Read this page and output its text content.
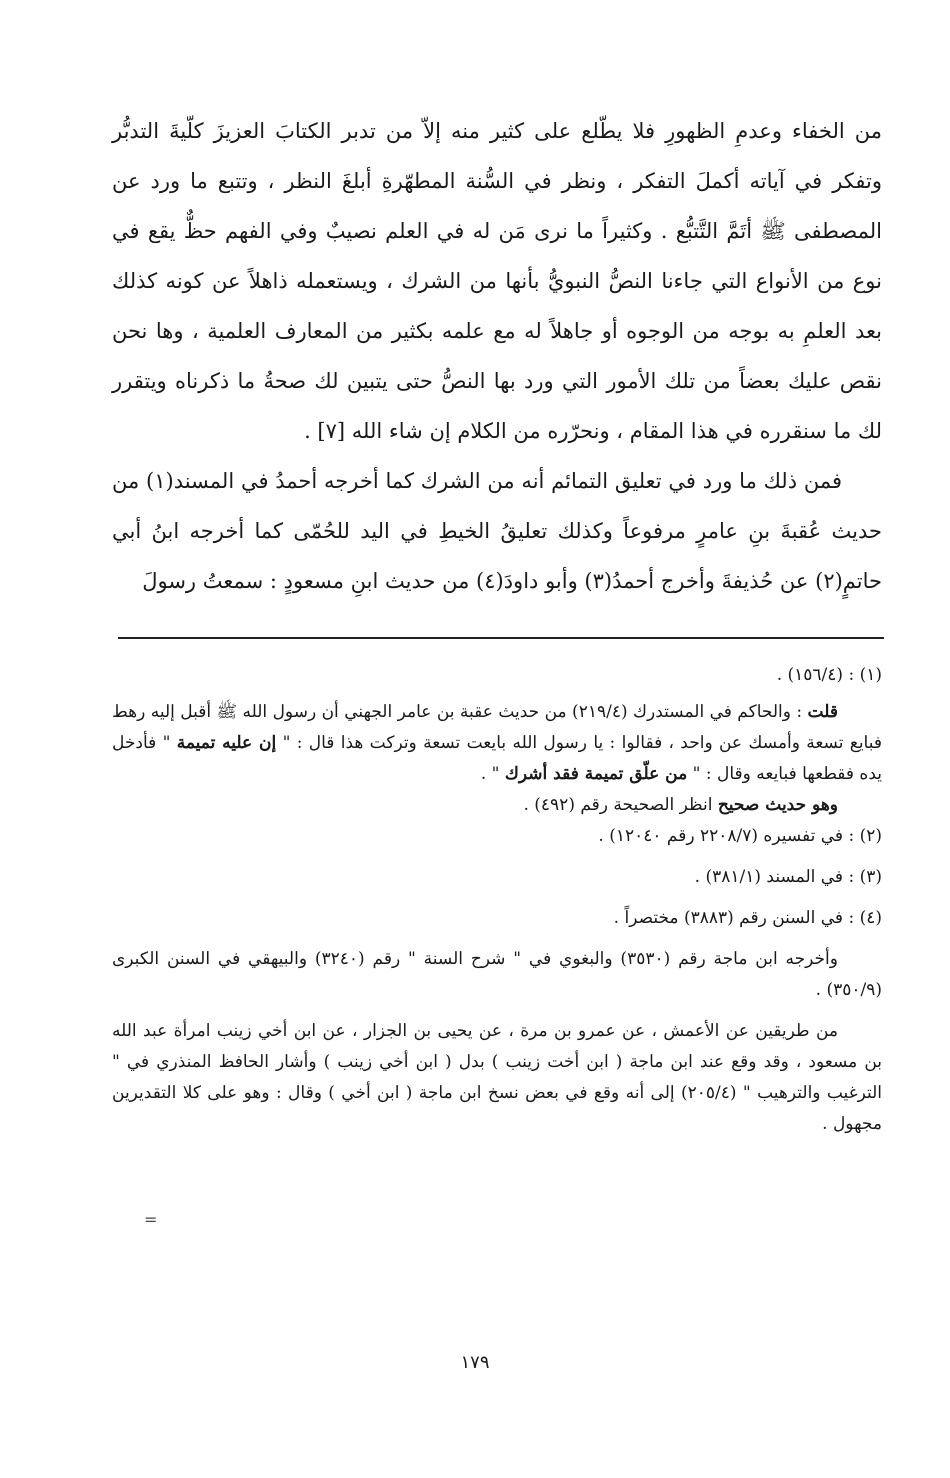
من الخفاء وعدمِ الظهورِ فلا يطّلع على كثير منه إلاّ من تدبر الكتابَ العزيزَ كلّيةَ التدبُّر وتفكر في آياته أكملَ التفكر ، ونظر في السُّنة المطهّرةِ أبلغَ النظر ، وتتبع ما ورد عن المصطفى ﷺ أتَمَّ التَّتبُّع . وكثيراً ما نرى مَن له في العلم نصيبٌ وفي الفهم حظٌّ يقع في نوع من الأنواع التي جاءنا النصُّ النبويُّ بأنها من الشرك ، ويستعمله ذاهلاً عن كونه كذلك بعد العلمِ به بوجه من الوجوه أو جاهلاً له مع علمه بكثير من المعارف العلمية ، وها نحن نقص عليك بعضاً من تلك الأمور التي ورد بها النصُّ حتى يتبين لك صحةُ ما ذكرناه ويتقرر لك ما سنقرره في هذا المقام ، ونحرّره من الكلام إن شاء الله [٧] .

فمن ذلك ما ورد في تعليق التمائم أنه من الشرك كما أخرجه أحمدُ في المسند(١) من حديث عُقبةَ بنِ عامرٍ مرفوعاً وكذلك تعليقُ الخيطِ في اليد للحُمّى كما أخرجه ابنُ أبي حاتمٍ(٢) عن حُذيفةَ وأخرج أحمدُ(٣) وأبو داودَ(٤) من حديث ابنِ مسعودٍ : سمعتُ رسولَ

(١) : (١٥٦/٤) .

قلت : والحاكم في المستدرك (٢١٩/٤) من حديث عقبة بن عامر الجهني أن رسول الله ﷺ أقبل إليه رهط فبايع تسعة وأمسك عن واحد ، فقالوا : يا رسول الله بايعت تسعة وتركت هذا قال : " إن عليه تميمة " فأدخل يده فقطعها فبايعه وقال : " من علّق تميمة فقد أشرك " .

وهو حديث صحيح انظر الصحيحة رقم (٤٩٢) .

(٢) : في تفسيره (٢٢٠٨/٧ رقم ١٢٠٤٠) .

(٣) : في المسند (٣٨١/١) .

(٤) : في السنن رقم (٣٨٨٣) مختصراً .

وأخرجه ابن ماجة رقم (٣٥٣٠) والبغوي في " شرح السنة " رقم (٣٢٤٠) والبيهقي في السنن الكبرى (٣٥٠/٩) .

من طريقين عن الأعمش ، عن عمرو بن مرة ، عن يحيى بن الجزار ، عن ابن أخي زينب امرأة عبد الله بن مسعود ، وقد وقع عند ابن ماجة ( ابن أخت زينب ) بدل ( ابن أخي زينب ) وأشار الحافظ المنذري في " الترغيب والترهيب " (٢٠٥/٤) إلى أنه وقع في بعض نسخ ابن ماجة ( ابن أخي ) وقال : وهو على كلا التقديرين مجهول .

=
١٧٩
